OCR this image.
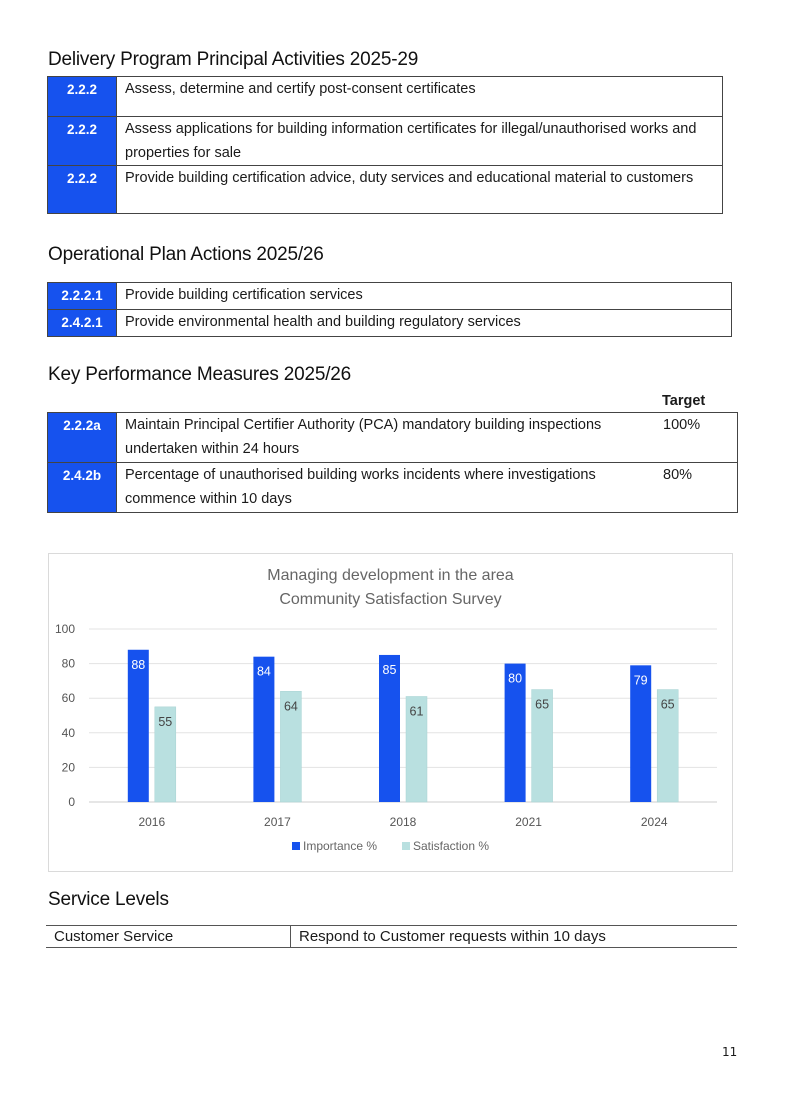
Delivery Program Principal Activities 2025-29
2.2.2	Assess, determine and certify post-consent certificates
2.2.2	Assess applications for building information certificates for illegal/unauthorised works and properties for sale
2.2.2	Provide building certification advice, duty services and educational material to customers
Operational Plan Actions 2025/26
2.2.2.1	Provide building certification services
2.4.2.1	Provide environmental health and building regulatory services
Key Performance Measures 2025/26
Target
2.2.2a	Maintain Principal Certifier Authority (PCA) mandatory building inspections undertaken within 24 hours	100%
2.4.2b	Percentage of unauthorised building works incidents where investigations commence within 10 days	80%
Managing development in the area
Community Satisfaction Survey
0
20
40
60
80
100
88
55
2016
84
64
2017
85
61
2018
80
65
2021
79
65
2024
Importance %	Satisfaction %
Service Levels
Customer Service	Respond to Customer requests within 10 days
11
